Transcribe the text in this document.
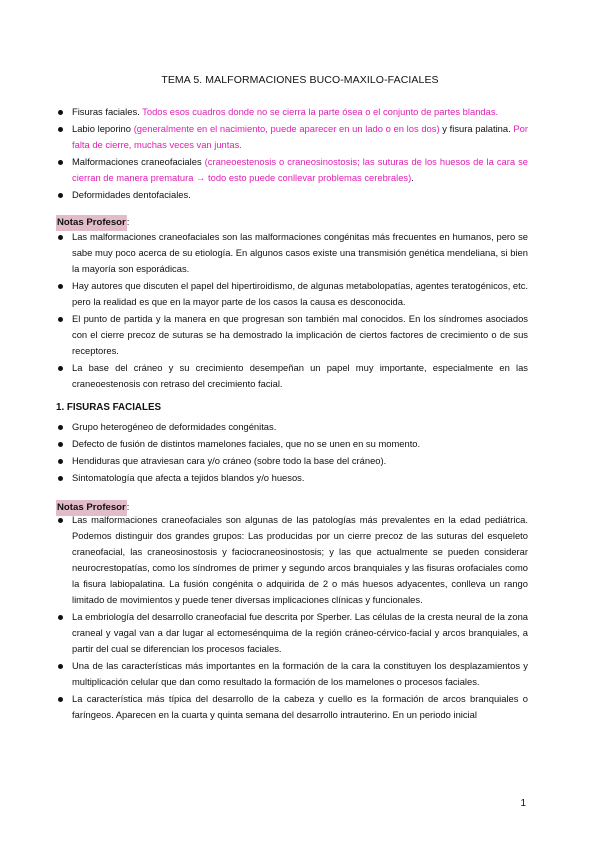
TEMA 5. MALFORMACIONES BUCO-MAXILO-FACIALES
Fisuras faciales. Todos esos cuadros donde no se cierra la parte ósea o el conjunto de partes blandas.
Labio leporino (generalmente en el nacimiento, puede aparecer en un lado o en los dos) y fisura palatina. Por falta de cierre, muchas veces van juntas.
Malformaciones craneofaciales (craneoestenosis o craneosinostosis; las suturas de los huesos de la cara se cierran de manera prematura → todo esto puede conllevar problemas cerebrales).
Deformidades dentofaciales.
Notas Profesor:
Las malformaciones craneofaciales son las malformaciones congénitas más frecuentes en humanos, pero se sabe muy poco acerca de su etiología. En algunos casos existe una transmisión genética mendeliana, si bien la mayoría son esporádicas.
Hay autores que discuten el papel del hipertiroidismo, de algunas metabolopatías, agentes teratogénicos, etc. pero la realidad es que en la mayor parte de los casos la causa es desconocida.
El punto de partida y la manera en que progresan son también mal conocidos. En los síndromes asociados con el cierre precoz de suturas se ha demostrado la implicación de ciertos factores de crecimiento o de sus receptores.
La base del cráneo y su crecimiento desempeñan un papel muy importante, especialmente en las craneoestenosis con retraso del crecimiento facial.
1. FISURAS FACIALES
Grupo heterogéneo de deformidades congénitas.
Defecto de fusión de distintos mamelones faciales, que no se unen en su momento.
Hendiduras que atraviesan cara y/o cráneo (sobre todo la base del cráneo).
Sintomatología que afecta a tejidos blandos y/o huesos.
Notas Profesor:
Las malformaciones craneofaciales son algunas de las patologías más prevalentes en la edad pediátrica. Podemos distinguir dos grandes grupos: Las producidas por un cierre precoz de las suturas del esqueleto craneofacial, las craneosinostosis y faciocraneosinostosis; y las que actualmente se pueden considerar neurocrestopatías, como los síndromes de primer y segundo arcos branquiales y las fisuras orofaciales como la fisura labiopalatina. La fusión congénita o adquirida de 2 o más huesos adyacentes, conlleva un rango limitado de movimientos y puede tener diversas implicaciones clínicas y funcionales.
La embriología del desarrollo craneofacial fue descrita por Sperber. Las células de la cresta neural de la zona craneal y vagal van a dar lugar al ectomesénquima de la región cráneo-cérvico-facial y arcos branquiales, a partir del cual se diferencian los procesos faciales.
Una de las características más importantes en la formación de la cara la constituyen los desplazamientos y multiplicación celular que dan como resultado la formación de los mamelones o procesos faciales.
La característica más típica del desarrollo de la cabeza y cuello es la formación de arcos branquiales o faríngeos. Aparecen en la cuarta y quinta semana del desarrollo intrauterino. En un periodo inicial
1
